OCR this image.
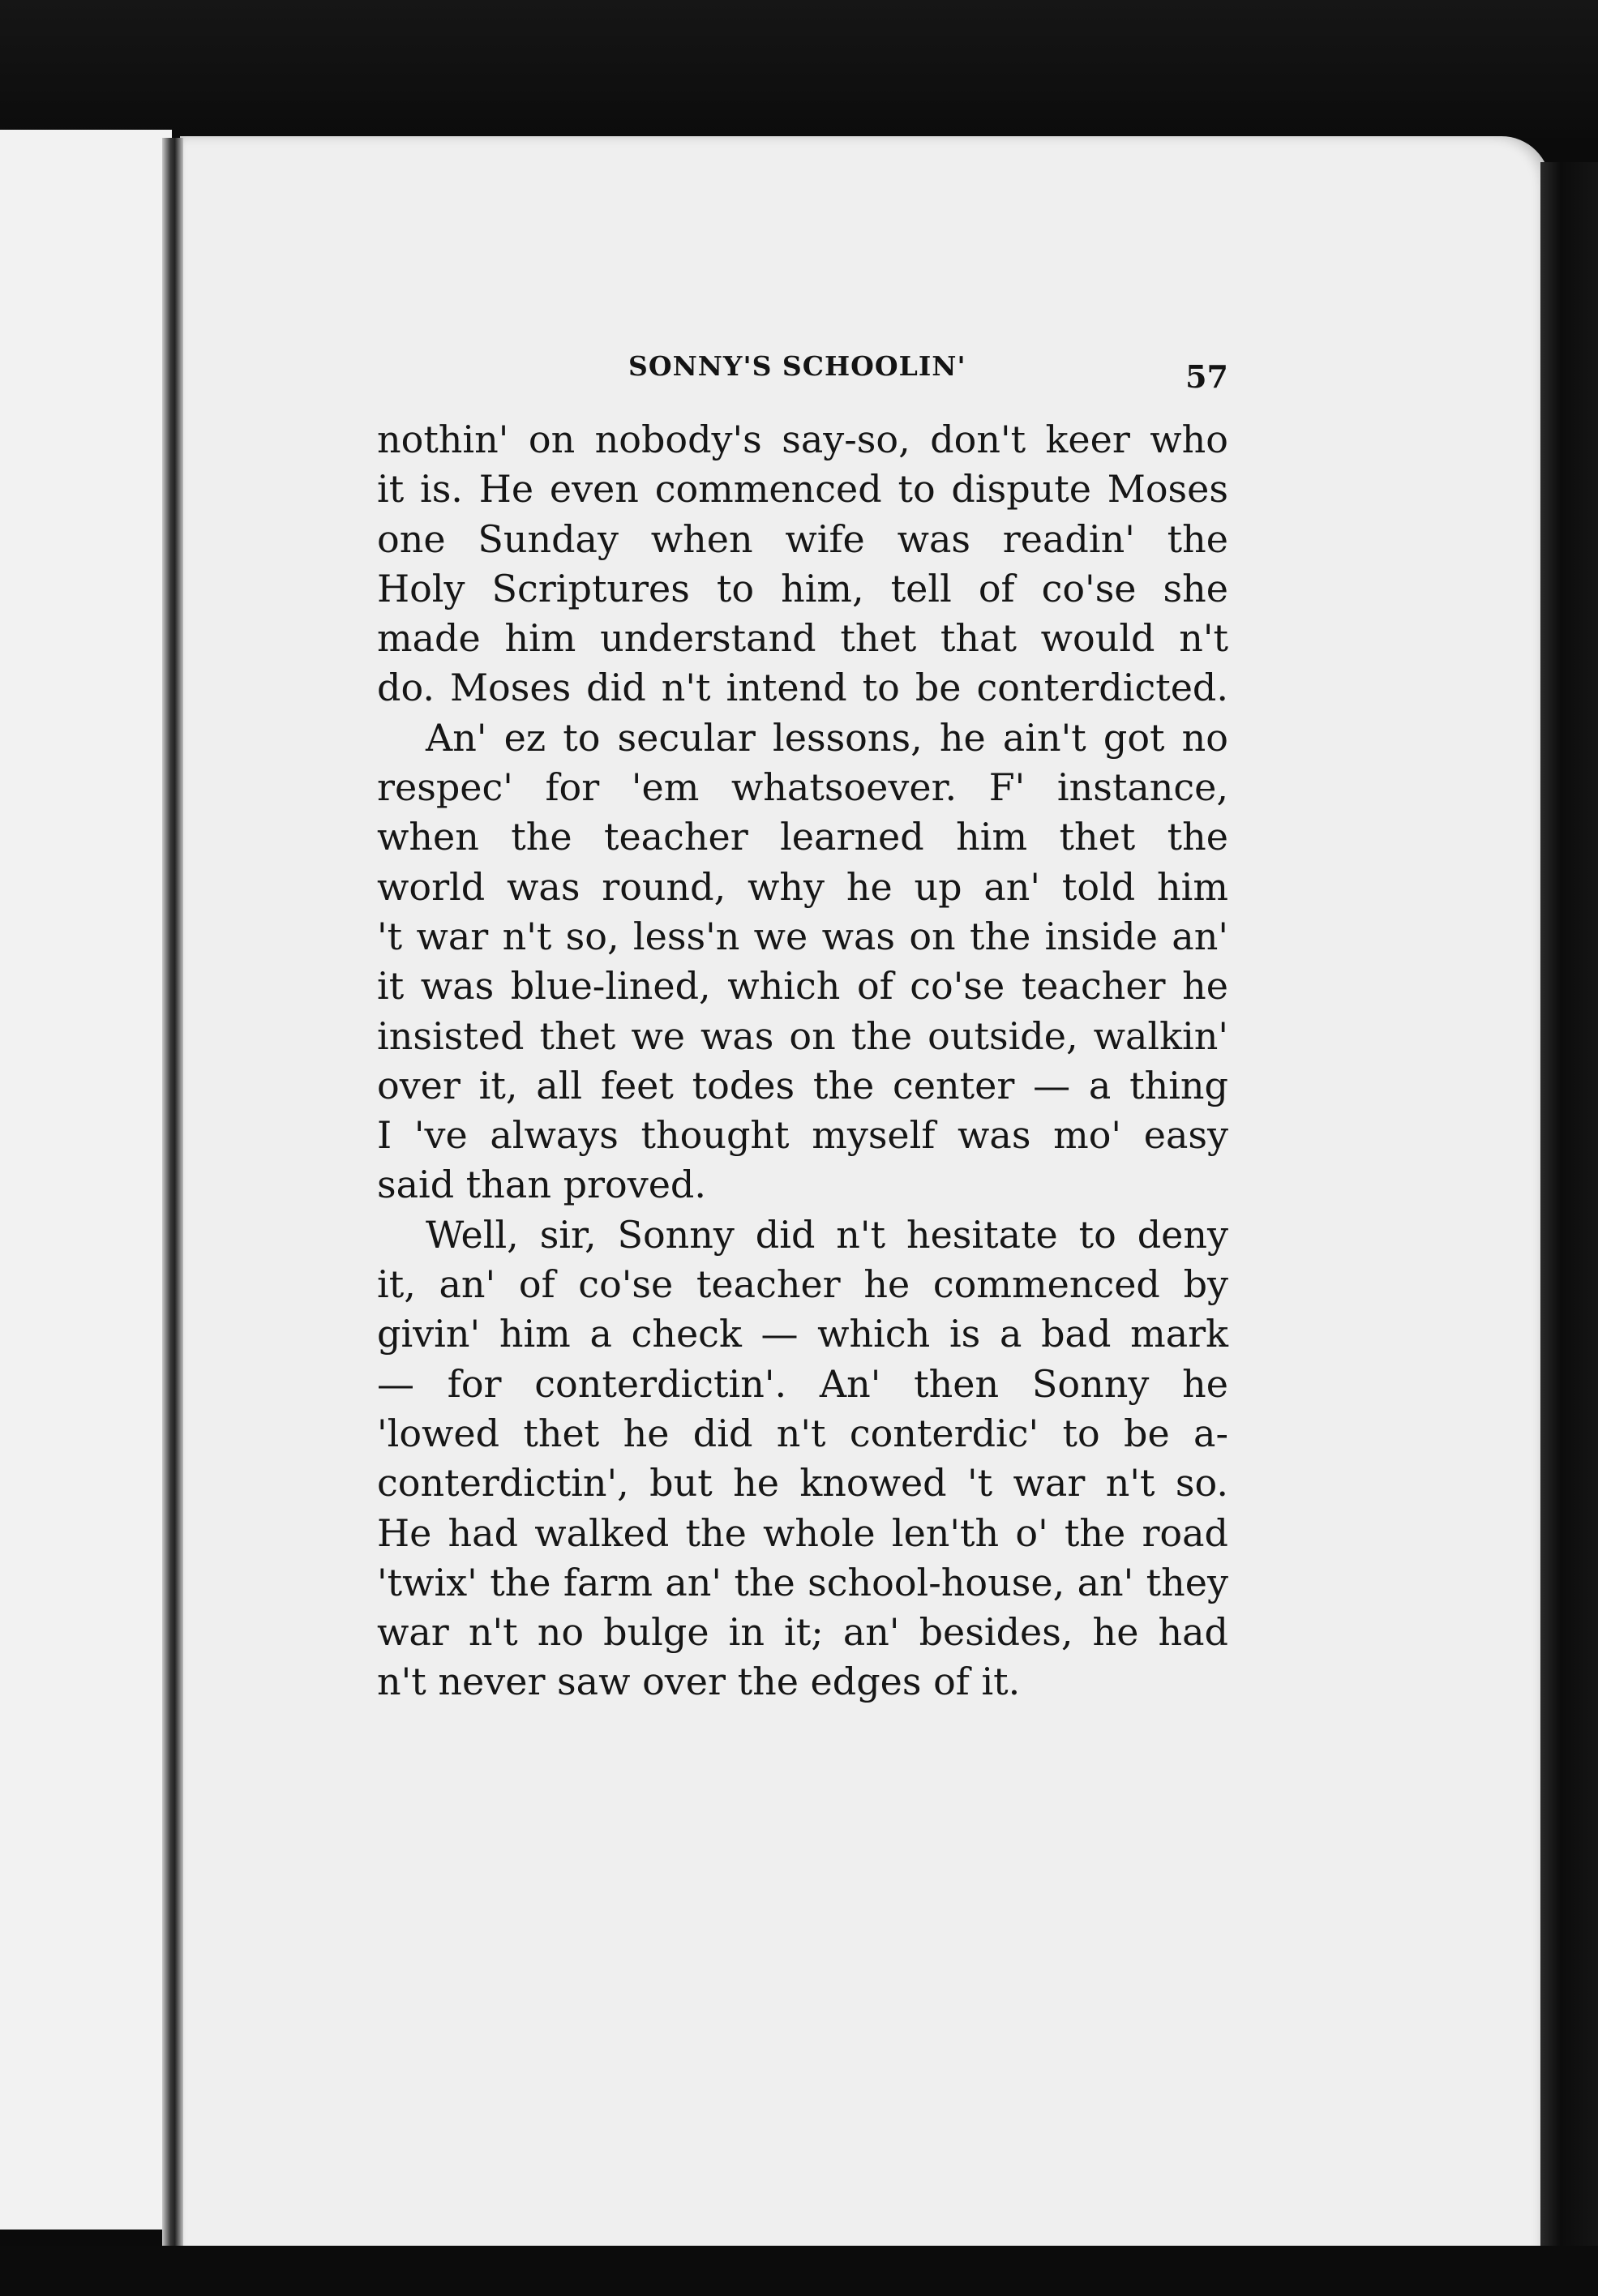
SONNY'S SCHOOLIN'	57
nothin' on nobody's say-so, don't keer who
it is. He even commenced to dispute Moses
one Sunday when wife was readin' the
Holy Scriptures to him, tell of co'se she
made him understand thet that would n't
do. Moses did n't intend to be conterdicted.
An' ez to secular lessons, he ain't got no
respec' for 'em whatsoever. F' instance,
when the teacher learned him thet the
world was round, why he up an' told him
't war n't so, less'n we was on the inside an'
it was blue-lined, which of co'se teacher he
insisted thet we was on the outside, walkin'
over it, all feet todes the center — a thing
I 've always thought myself was mo' easy
said than proved.
Well, sir, Sonny did n't hesitate to deny
it, an' of co'se teacher he commenced by
givin' him a check — which is a bad mark
— for conterdictin'. An' then Sonny he
'lowed thet he did n't conterdic' to be a-
conterdictin', but he knowed 't war n't so.
He had walked the whole len'th o' the road
'twix' the farm an' the school-house, an' they
war n't no bulge in it; an' besides, he had
n't never saw over the edges of it.
